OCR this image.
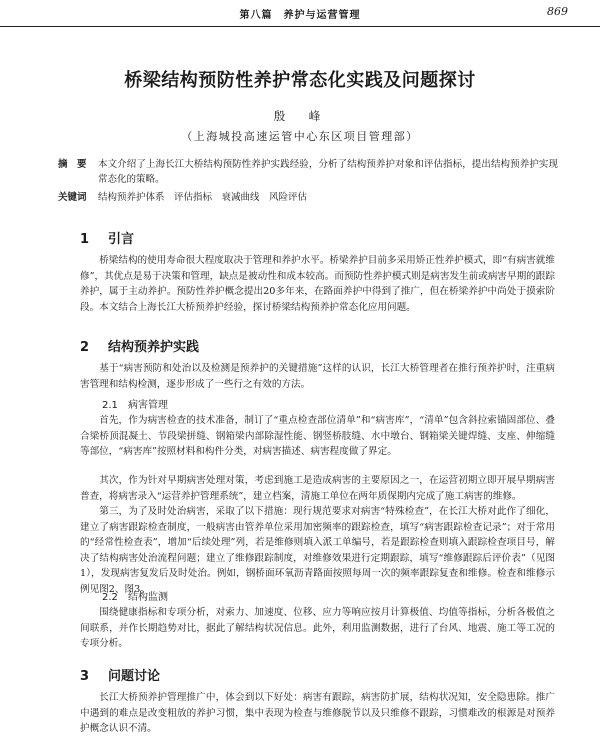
第八篇　养护与运营管理	869
桥梁结构预防性养护常态化实践及问题探讨
殷　峰
（上海城投高速运管中心东区项目管理部）
摘　要 本文介绍了上海长江大桥结构预防性养护实践经验，分析了结构预养护对象和评估指标，提出结构预养护实现常态化的策略。
关键词 结构预养护体系　评估指标　衰减曲线　风险评估
1 引言

桥梁结构的使用寿命很大程度取决于管理和养护水平。桥梁养护目前多采用矫正性养护模式，即“有病害就维修”，其优点是易于决策和管理，缺点是被动性和成本较高。而预防性养护模式则是病害发生前或病害早期的跟踪养护，属于主动养护。预防性养护概念提出20多年来，在路面养护中得到了推广，但在桥梁养护中尚处于摸索阶段。本文结合上海长江大桥预养护经验，探讨桥梁结构预养护常态化应用问题。

2 结构预养护实践

基于“病害预防和处治以及检测是预养护的关键措施”这样的认识，长江大桥管理者在推行预养护时，注重病害管理和结构检测，逐步形成了一些行之有效的方法。

2.1 病害管理

首先，作为病害检查的技术准备，制订了“重点检查部位清单”和“病害库”，“清单”包含斜拉索锚固部位、叠合梁桥顶混凝土、节段梁拼缝、钢箱梁内部除湿性能、钢竖桥肢缝、水中墩台、钢箱梁关键焊缝、支座、伸缩缝等部位，“病害库”按照材料和构件分类，对病害描述、病害程度做了界定。

其次，作为针对早期病害处理对策，考虑到施工是造成病害的主要原因之一，在运营初期立即开展早期病害普查，将病害录入“运营养护管理系统”，建立档案，清施工单位在两年质保期内完成了施工病害的维修。

第三，为了及时处治病害，采取了以下措施：现行规范要求对病害“特殊检查”，在长江大桥对此作了细化，建立了病害跟踪检查制度，一般病害由管养单位采用加密频率的跟踪检查，填写“病害跟踪检查记录”；对于常用的“经常性检查表”，增加“后续处理”列，若是维修则填入派工单编号，若是跟踪检查则填入跟踪检查项目号，解决了结构病害处治流程问题；建立了维修跟踪制度，对维修效果进行定期跟踪，填写“维修跟踪后评价表”（见图1），发现病害复发后及时处治。例如，钢桥面环氧沥青路面按照每周一次的频率跟踪复查和维修。检查和维修示例见图2、图3。

2.2 结构监测

围绕健康指标和专项分析，对索力、加速度、位移、应力等响应按月计算极值、均值等指标，分析各极值之间联系，并作长期趋势对比，据此了解结构状况信息。此外，利用监测数据，进行了台风、地震、施工等工况的专项分析。

3 问题讨论

长江大桥预养护管理推广中，体会到以下好处：病害有跟踪，病害防扩展，结构状况知，安全隐患除。推广中遇到的难点是改变粗放的养护习惯，集中表现为检查与维修脱节以及只维修不跟踪，习惯难改的根源是对预养护概念认识不清。
